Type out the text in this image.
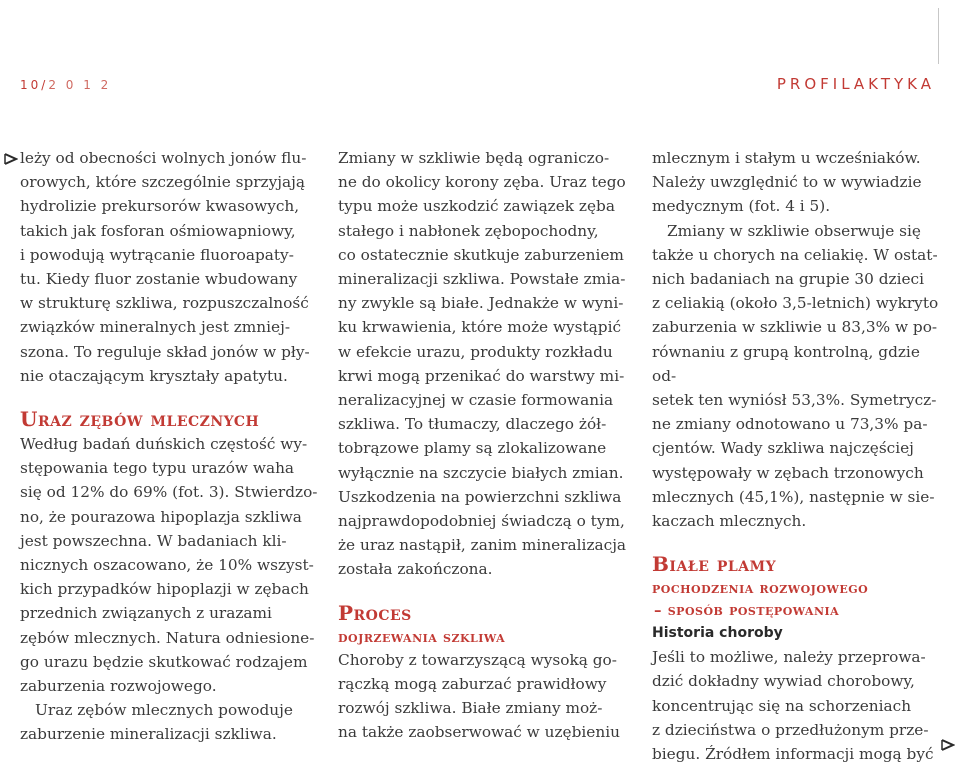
10/2 0 1 2	PROFILAKTYKA

leży od obecności wolnych jonów flu-

orowych, które szczególnie sprzyjają

hydrolizie prekursorów kwasowych,

takich jak fosforan ośmiowapniowy,

i powodują wytrącanie fluoroapaty-

tu. Kiedy fluor zostanie wbudowany

w strukturę szkliwa, rozpuszczalność

związków mineralnych jest zmniej-

szona. To reguluje skład jonów w pły-

nie otaczającym kryształy apatytu.

Uraz zębów mlecznych

Według badań duńskich częstość wy-

stępowania tego typu urazów waha

się od 12% do 69% (fot. 3). Stwierdzo-

no, że pourazowa hipoplazja szkliwa

jest powszechna. W badaniach kli-

nicznych oszacowano, że 10% wszyst-

kich przypadków hipoplazji w zębach

przednich związanych z urazami

zębów mlecznych. Natura odniesione-

go urazu będzie skutkować rodzajem

zaburzenia rozwojowego.

Uraz zębów mlecznych powoduje

zaburzenie mineralizacji szkliwa.

Zmiany w szkliwie będą ograniczo-

ne do okolicy korony zęba. Uraz tego

typu może uszkodzić zawiązek zęba

stałego i nabłonek zębopochodny,

co ostatecznie skutkuje zaburzeniem

mineralizacji szkliwa. Powstałe zmia-

ny zwykle są białe. Jednakże w wyni-

ku krwawienia, które może wystąpić

w efekcie urazu, produkty rozkładu

krwi mogą przenikać do warstwy mi-

neralizacyjnej w czasie formowania

szkliwa. To tłumaczy, dlaczego żół-

tobrązowe plamy są zlokalizowane

wyłącznie na szczycie białych zmian.

Uszkodzenia na powierzchni szkliwa

najprawdopodobniej świadczą o tym,

że uraz nastąpił, zanim mineralizacja

została zakończona.

Proces

dojrzewania szkliwa

Choroby z towarzyszącą wysoką go-

rączką mogą zaburzać prawidłowy

rozwój szkliwa. Białe zmiany moż-

na także zaobserwować w uzębieniu

mlecznym i stałym u wcześniaków.

Należy uwzględnić to w wywiadzie

medycznym (fot. 4 i 5).

Zmiany w szkliwie obserwuje się

także u chorych na celiakię. W ostat-

nich badaniach na grupie 30 dzieci

z celiakią (około 3,5-letnich) wykryto

zaburzenia w szkliwie u 83,3% w po-

równaniu z grupą kontrolną, gdzie od-

setek ten wyniósł 53,3%. Symetrycz-

ne zmiany odnotowano u 73,3% pa-

cjentów. Wady szkliwa najczęściej

występowały w zębach trzonowych

mlecznych (45,1%), następnie w sie-

kaczach mlecznych.

Białe plamy

pochodzenia rozwojowego

– sposób postępowania

Historia choroby

Jeśli to możliwe, należy przeprowa-

dzić dokładny wywiad chorobowy,

koncentrując się na schorzeniach

z dzieciństwa o przedłużonym prze-

biegu. Źródłem informacji mogą być
